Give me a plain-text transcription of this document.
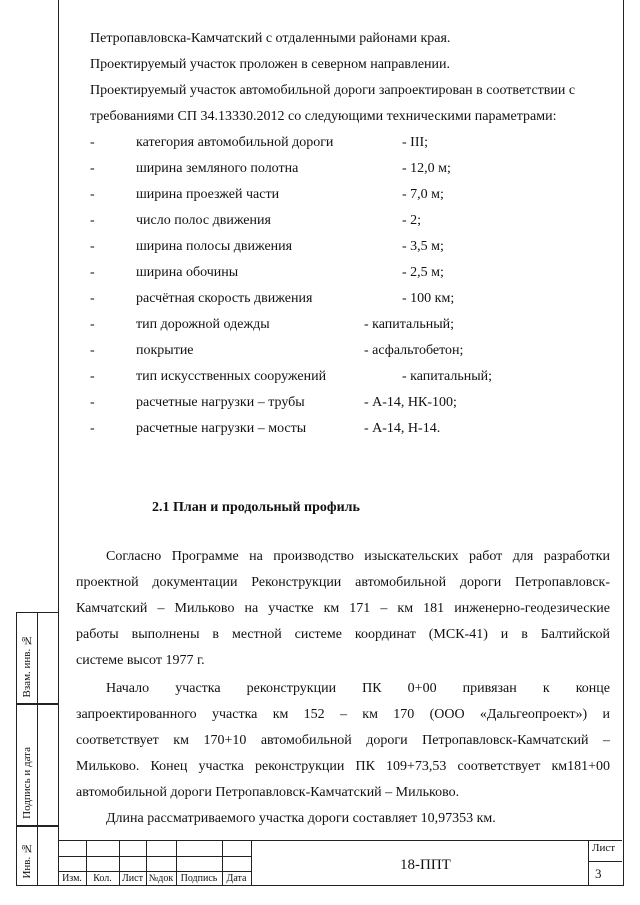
Взам. инв. №
Подпись и дата
Инв. №
Петропавловска-Камчатский с отдаленными районами края.
Проектируемый участок проложен в северном направлении.
Проектируемый участок автомобильной дороги запроектирован в соответствии с
требованиями СП 34.13330.2012 со следующими техническими параметрами:
-	категория автомобильной дороги	- III;
-	ширина земляного полотна	- 12,0 м;
-	ширина проезжей части	- 7,0 м;
-	число полос движения	- 2;
-	ширина полосы движения	- 3,5 м;
-	ширина обочины	- 2,5 м;
-	расчётная скорость движения	- 100 км;
-	тип дорожной одежды	- капитальный;
-	покрытие	- асфальтобетон;
-	тип искусственных сооружений	- капитальный;
-	расчетные нагрузки – трубы	- А-14, НК-100;
-	расчетные нагрузки – мосты	- А-14, Н-14.
2.1 План и продольный профиль
Согласно Программе на производство изыскательских работ для разработки
проектной документации Реконструкции автомобильной дороги Петропавловск-
Камчатский – Мильково на участке км 171 – км 181 инженерно-геодезические
работы выполнены в местной системе координат (МСК-41) и в Балтийской
системе высот 1977 г.
Начало участка реконструкции ПК 0+00 привязан к конце
запроектированного участка км 152 – км 170 (ООО «Дальгеопроект») и
соответствует км 170+10 автомобильной дороги Петропавловск-Камчатский –
Мильково. Конец участка реконструкции ПК 109+73,53 соответствует км181+00
автомобильной дороги Петропавловск-Камчатский – Мильково.
Длина рассматриваемого участка дороги составляет 10,97353 км.
Изм.	Кол.	Лист №док Подпись Дата
18-ППТ
Лист
3
